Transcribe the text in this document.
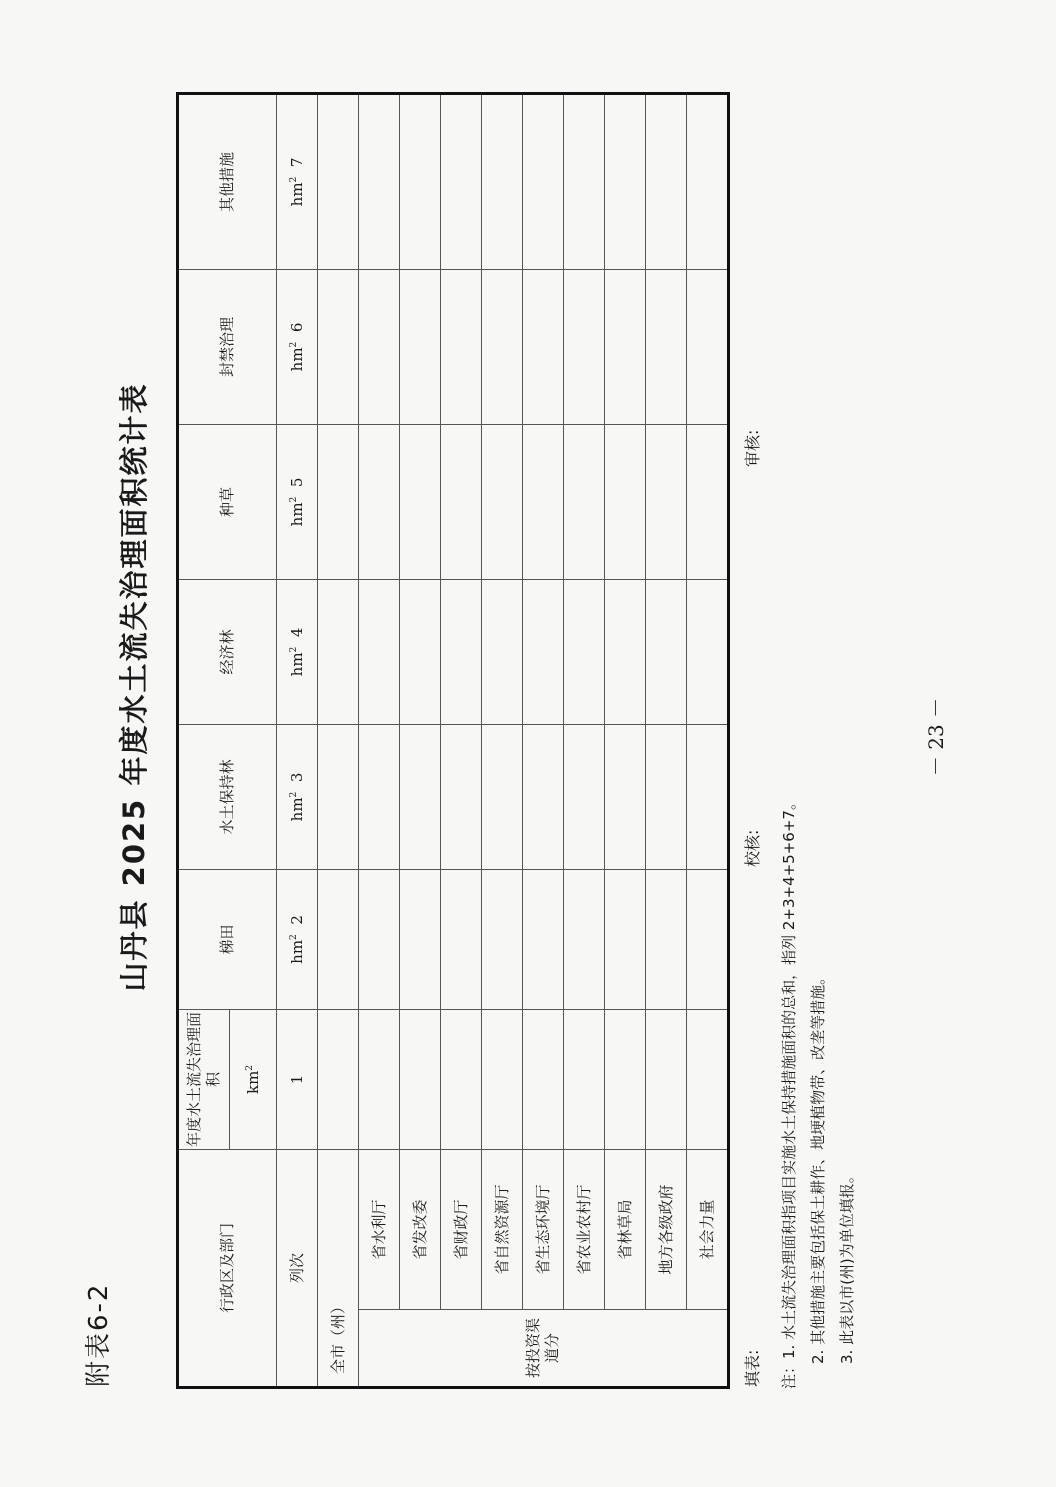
附表6-2
山丹县 2025 年度水土流失治理面积统计表
行政区及部门		年度水土流失治理面积	梯田	水土保持林	经济林	种草	封禁治理	其他措施
		$km^2$
列次		1	$hm^2$  2	$hm^2$  3	$hm^2$  4	$hm^2$  5	$hm^2$  6	$hm^2$  7
全市（州）								
按投资渠道分	省水利厅							
	省发改委							
	省财政厅							
	省自然资源厅							
	省生态环境厅							
	省农业农村厅							
	省林草局							
	地方各级政府							
	社会力量							
填表:
校核:
审核:
注：1. 水土流失治理面积指项目实施水土保持措施面积的总和，指列 2+3+4+5+6+7。 2. 其他措施主要包括保土耕作、地埂植物带、改垄等措施。 3. 此表以市(州)为单位填报。
－ 23 －
